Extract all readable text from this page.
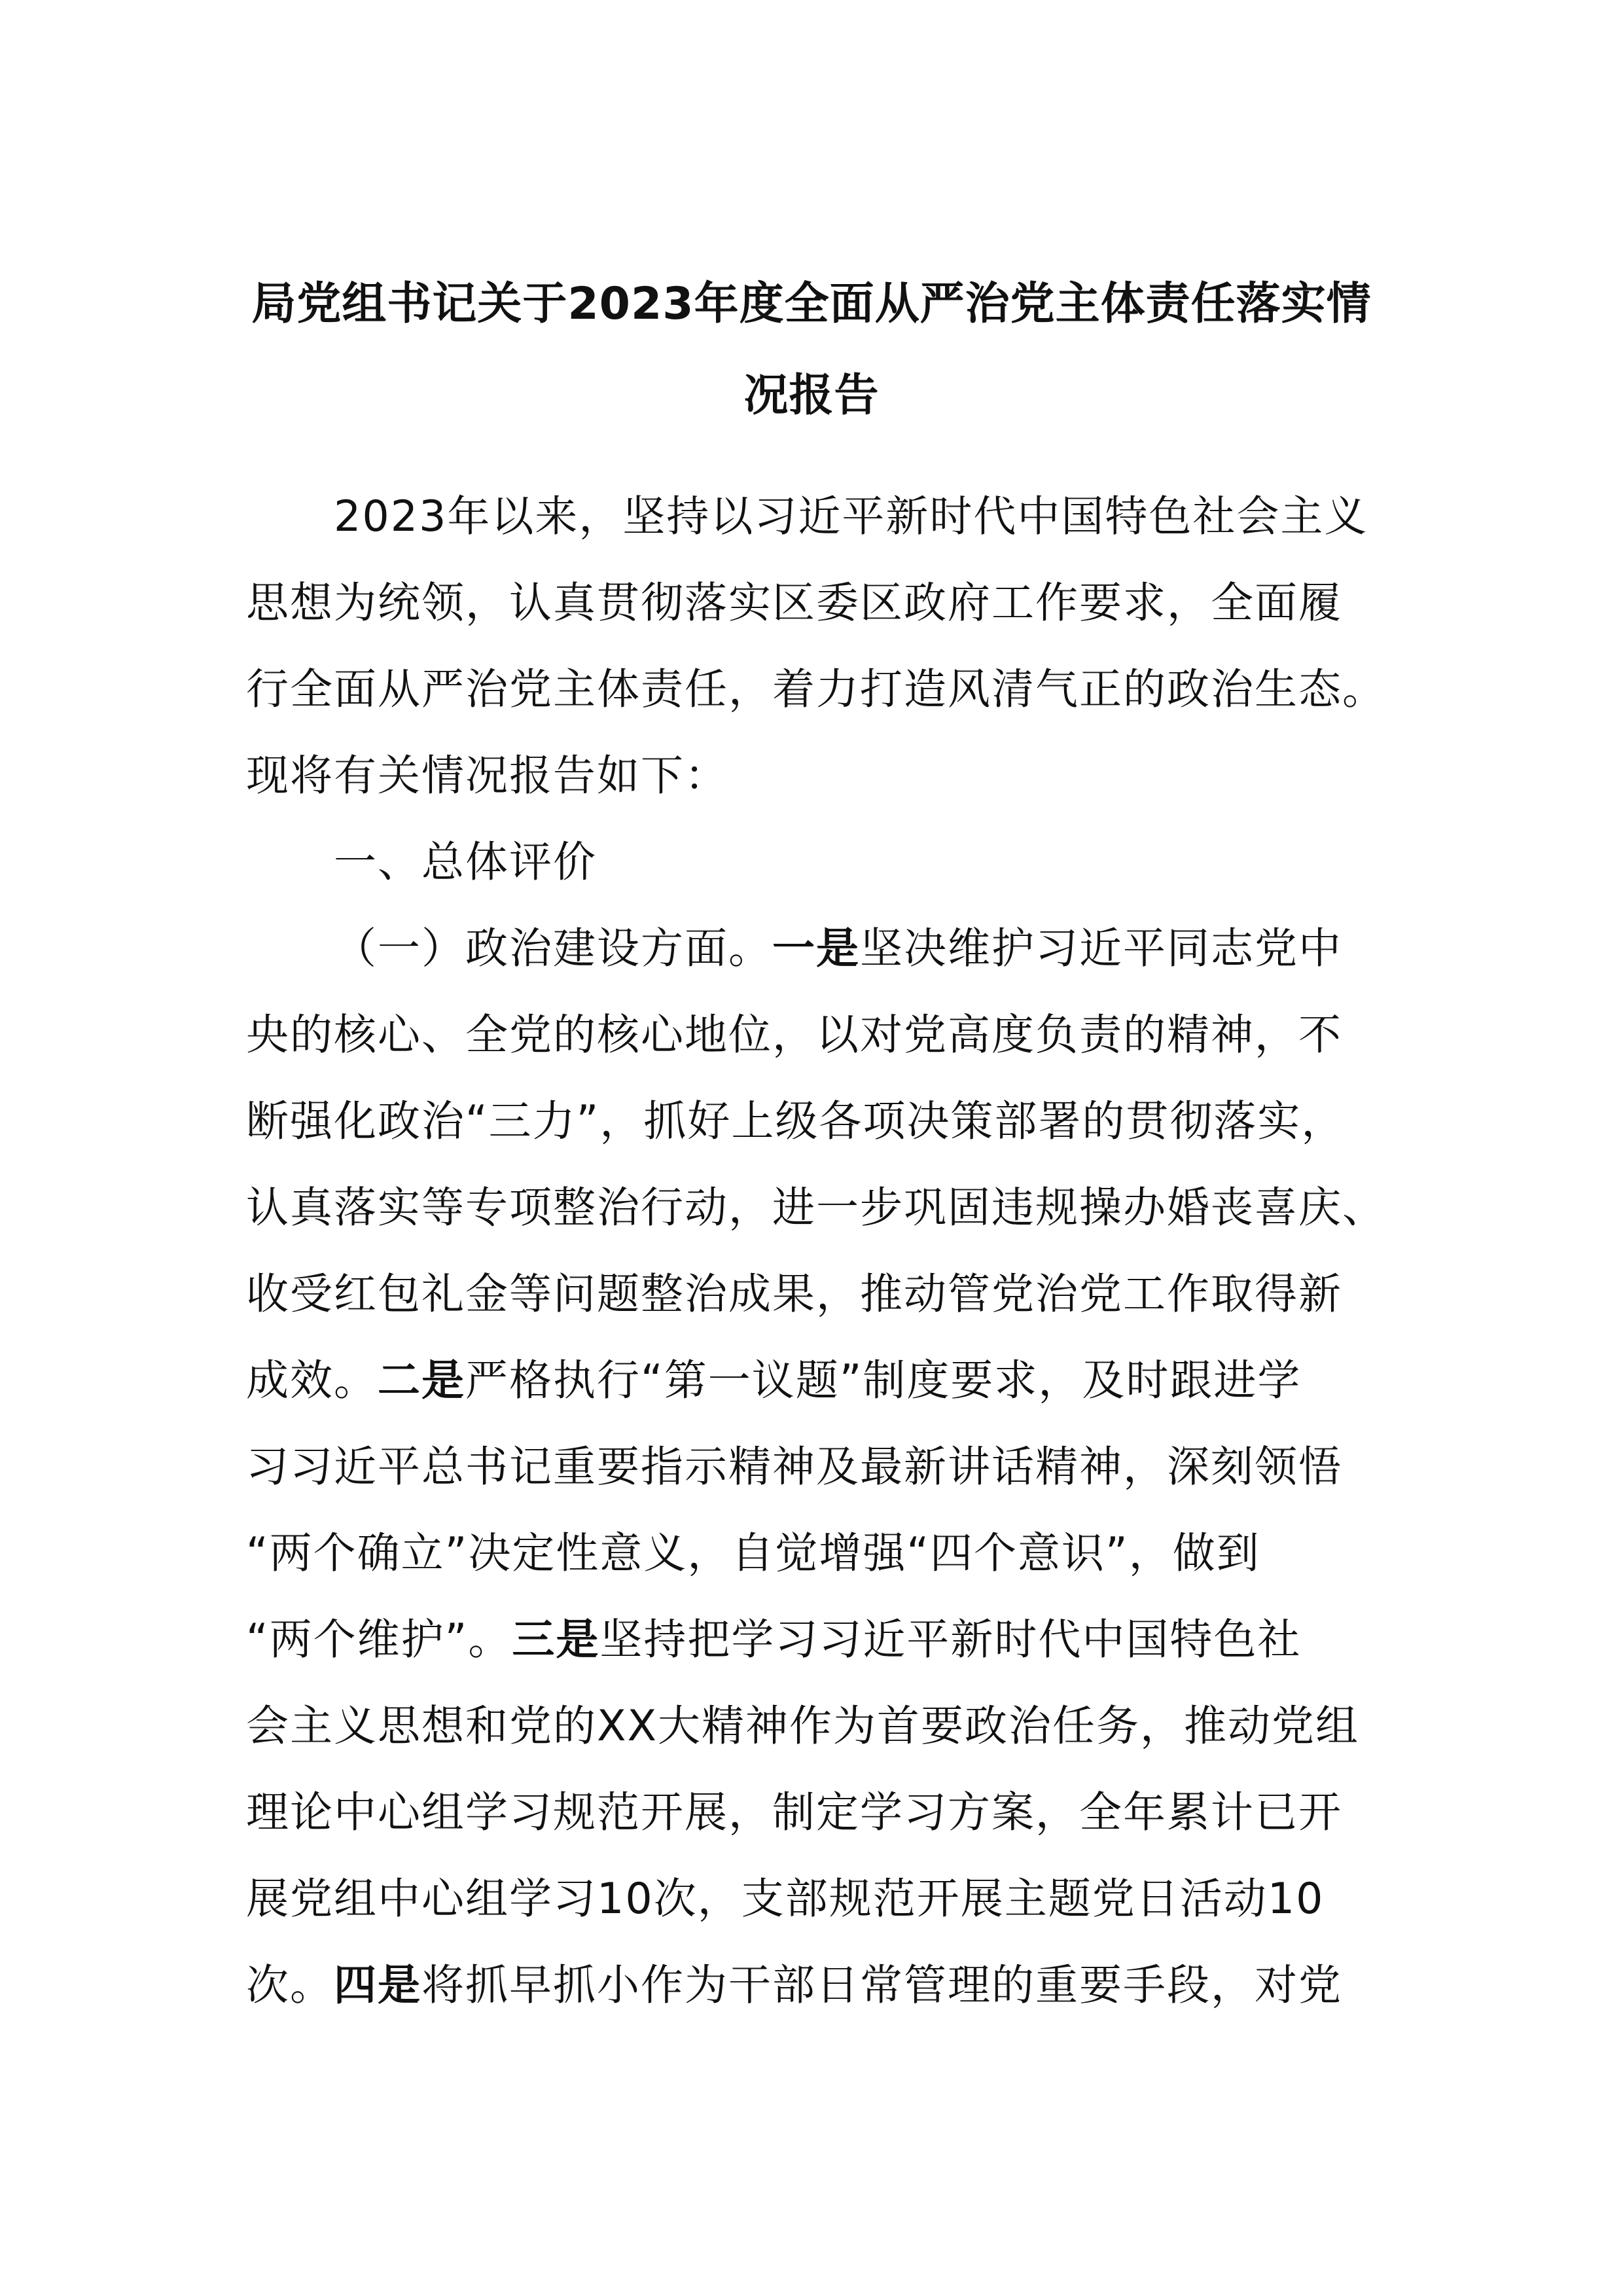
局党组书记关于2023年度全面从严治党主体责任落实情
况报告
2023年以来，坚持以习近平新时代中国特色社会主义
思想为统领，认真贯彻落实区委区政府工作要求，全面履
行全面从严治党主体责任，着力打造风清气正的政治生态。
现将有关情况报告如下：
一、总体评价
（一）政治建设方面。一是坚决维护习近平同志党中
央的核心、全党的核心地位，以对党高度负责的精神，不
断强化政治“三力”，抓好上级各项决策部署的贯彻落实，
认真落实等专项整治行动，进一步巩固违规操办婚丧喜庆、
收受红包礼金等问题整治成果，推动管党治党工作取得新
成效。二是严格执行“第一议题”制度要求，及时跟进学
习习近平总书记重要指示精神及最新讲话精神，深刻领悟
“两个确立”决定性意义，自觉增强“四个意识”，做到
“两个维护”。三是坚持把学习习近平新时代中国特色社
会主义思想和党的XX大精神作为首要政治任务，推动党组
理论中心组学习规范开展，制定学习方案，全年累计已开
展党组中心组学习10次，支部规范开展主题党日活动10
次。四是将抓早抓小作为干部日常管理的重要手段，对党
